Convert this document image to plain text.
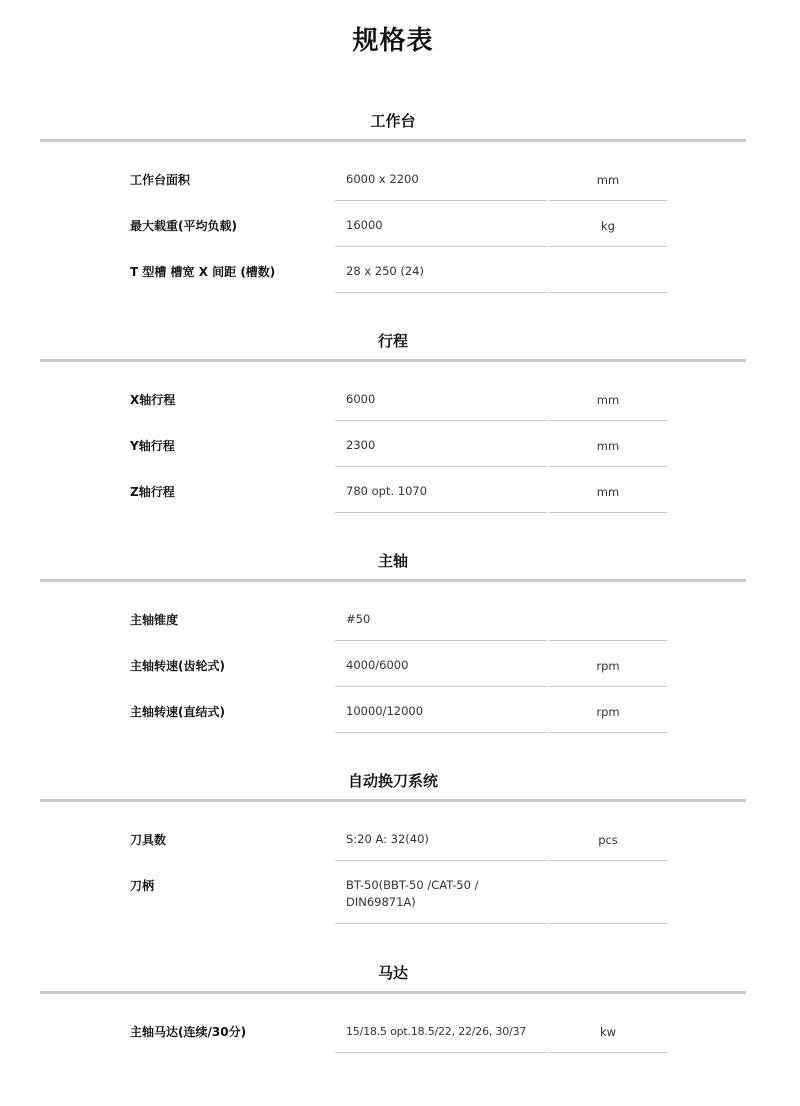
规格表
工作台
工作台面积	6000 x 2200	mm
最大载重(平均负载)	16000	kg
T 型槽 槽宽 X 间距 (槽数)	28 x 250 (24)
行程
X轴行程	6000	mm
Y轴行程	2300	mm
Z轴行程	780 opt. 1070	mm
主轴
主轴锥度	#50
主轴转速(齿轮式)	4000/6000	rpm
主轴转速(直结式)	10000/12000	rpm
自动换刀系统
刀具数	S:20 A: 32(40)	pcs
刀柄	BT-50(BBT-50 /CAT-50 / DIN69871A)
马达
主轴马达(连续/30分)	15/18.5 opt.18.5/22, 22/26, 30/37	kw
